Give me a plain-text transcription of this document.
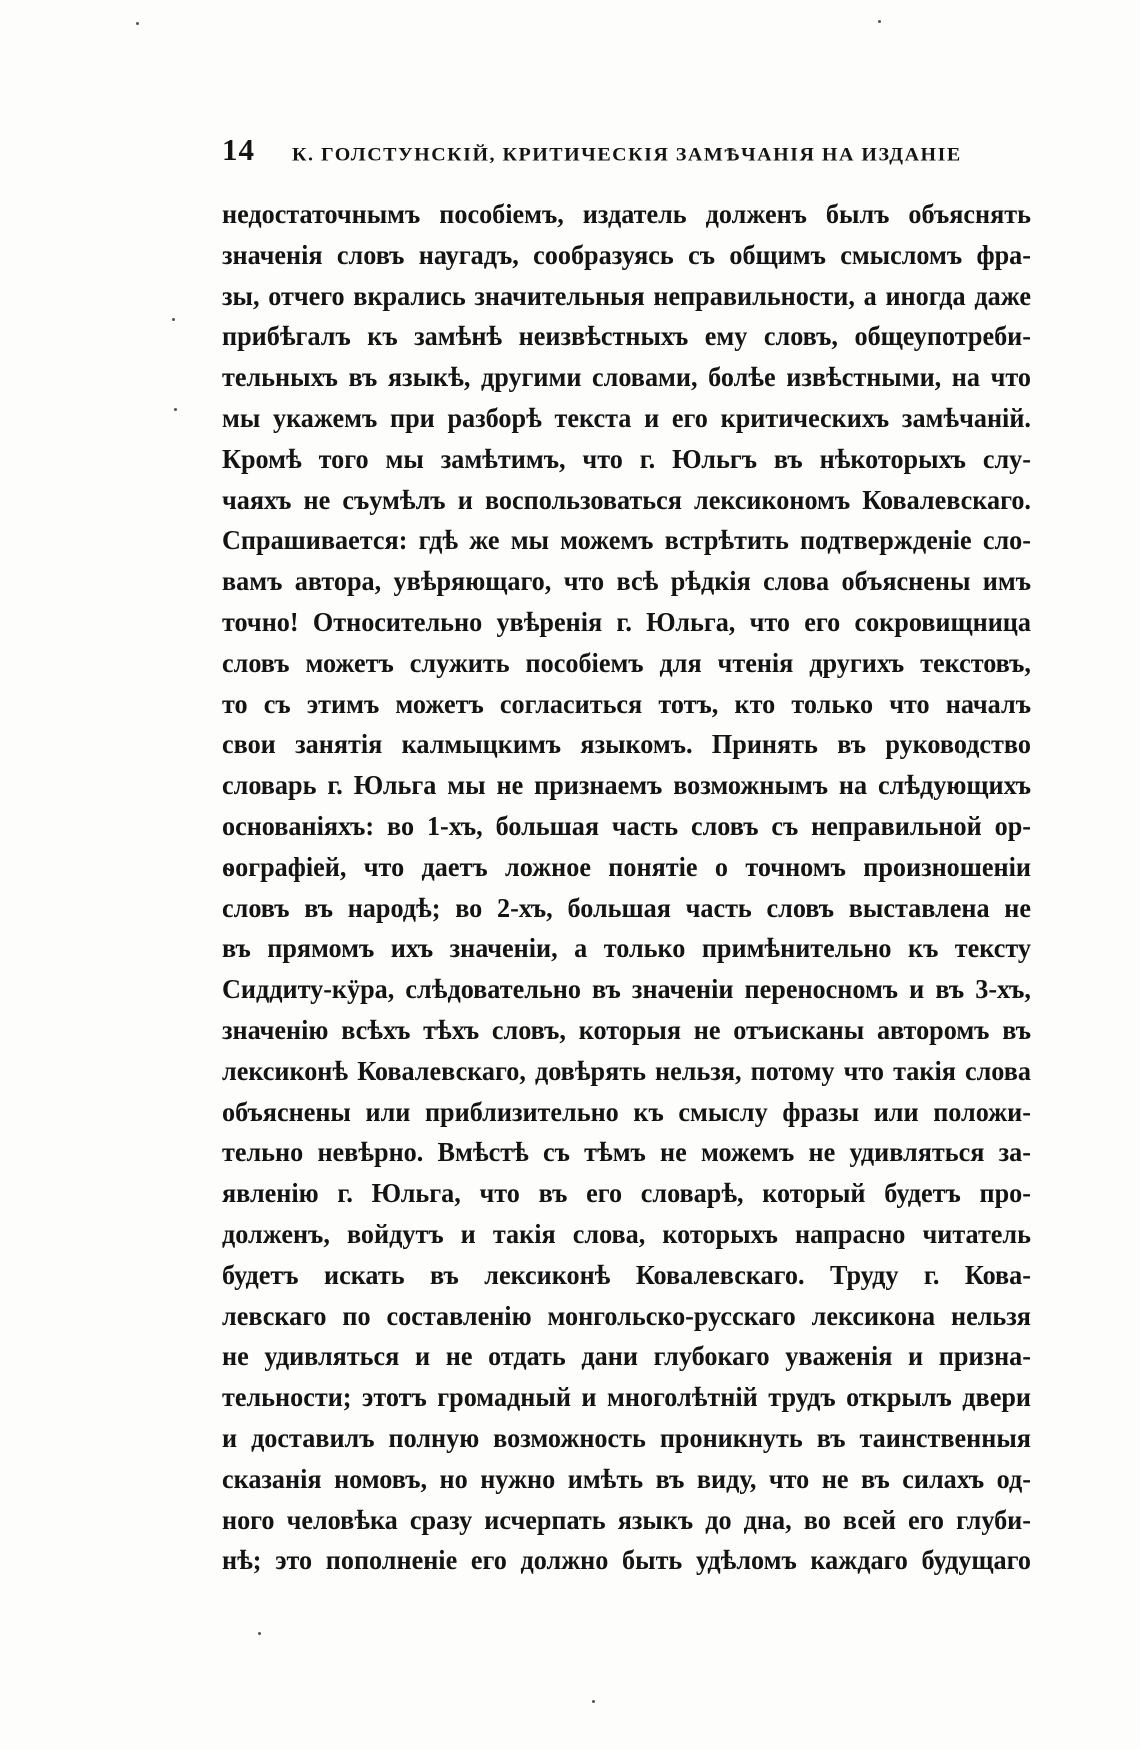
14	К. ГОЛСТУНСКІЙ, КРИТИЧЕСКІЯ ЗАМѢЧАНІЯ НА ИЗДАНІЕ
недостаточнымъ пособіемъ, издатель долженъ былъ объяснять
значенія словъ наугадъ, сообразуясь съ общимъ смысломъ фра-
зы, отчего вкрались значительныя неправильности, а иногда даже
прибѣгалъ къ замѣнѣ неизвѣстныхъ ему словъ, общеупотреби-
тельныхъ въ языкѣ, другими словами, болѣе извѣстными, на что
мы укажемъ при разборѣ текста и его критическихъ замѣчаній.
Кромѣ того мы замѣтимъ, что г. Юльгъ въ нѣкоторыхъ слу-
чаяхъ не съумѣлъ и воспользоваться лексикономъ Ковалевскаго.
Спрашивается: гдѣ же мы можемъ встрѣтить подтвержденіе сло-
вамъ автора, увѣряющаго, что всѣ рѣдкія слова объяснены имъ
точно! Относительно увѣренія г. Юльга, что его сокровищница
словъ можетъ служить пособіемъ для чтенія другихъ текстовъ,
то съ этимъ можетъ согласиться тотъ, кто только что началъ
свои занятія калмыцкимъ языкомъ. Принять въ руководство
словарь г. Юльга мы не признаемъ возможнымъ на слѣдующихъ
основаніяхъ: во 1-хъ, большая часть словъ съ неправильной ор-
ѳографіей, что даетъ ложное понятіе о точномъ произношеніи
словъ въ народѣ; во 2-хъ, большая часть словъ выставлена не
въ прямомъ ихъ значеніи, а только примѣнительно къ тексту
Сиддиту-кӱра, слѣдовательно въ значеніи переносномъ и въ 3-хъ,
значенію всѣхъ тѣхъ словъ, которыя не отъисканы авторомъ въ
лексиконѣ Ковалевскаго, довѣрять нельзя, потому что такія слова
объяснены или приблизительно къ смыслу фразы или положи-
тельно невѣрно. Вмѣстѣ съ тѣмъ не можемъ не удивляться за-
явленію г. Юльга, что въ его словарѣ, который будетъ про-
долженъ, войдутъ и такія слова, которыхъ напрасно читатель
будетъ искать въ лексиконѣ Ковалевскаго. Труду г. Кова-
левскаго по составленію монгольско-русскаго лексикона нельзя
не удивляться и не отдать дани глубокаго уваженія и призна-
тельности; этотъ громадный и многолѣтній трудъ открылъ двери
и доставилъ полную возможность проникнуть въ таинственныя
сказанія номовъ, но нужно имѣть въ виду, что не въ силахъ од-
ного человѣка сразу исчерпать языкъ до дна, во всей его глуби-
нѣ; это пополненіе его должно быть удѣломъ каждаго будущаго
